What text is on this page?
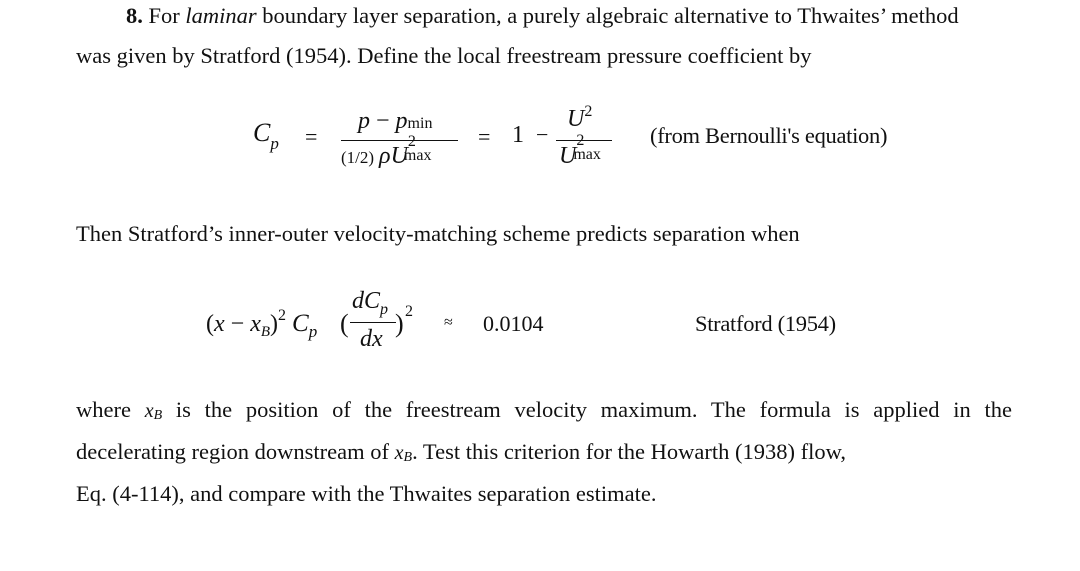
8. For laminar boundary layer separation, a purely algebraic alternative to Thwaites’ method
was given by Stratford (1954). Define the local freestream pressure coefficient by
$C_p$ =
p − pmin
(1/2) ρU
2
max
= 1 −
$U^2$
U
2
max
(from Bernoulli's equation)
Then Stratford’s inner-outer velocity-matching scheme predicts separation when
$(x - x_B)^2$ $C_p$ (
$dC_p$
dx
) 2
≈ 0.0104	Stratford (1954)
where xB is the position of the freestream velocity maximum. The formula is applied in the
decelerating region downstream of xB. Test this criterion for the Howarth (1938) flow,
Eq. (4-114), and compare with the Thwaites separation estimate.
